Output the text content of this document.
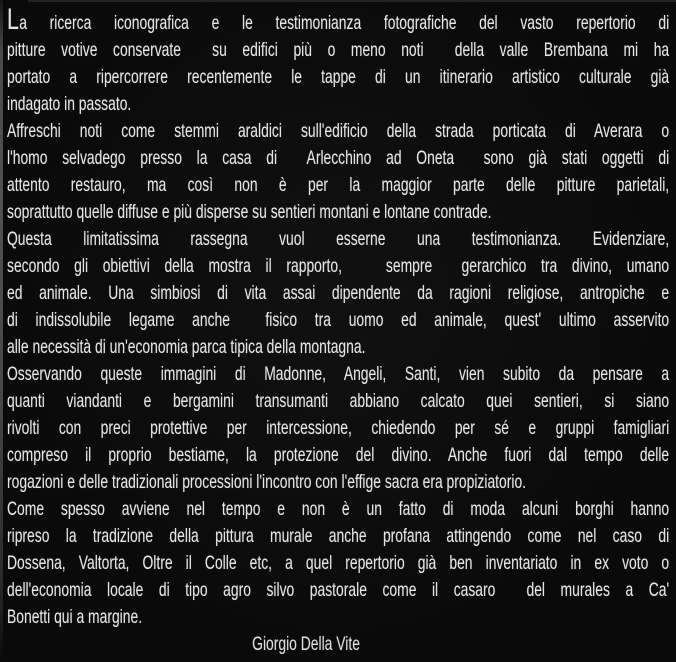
La ricerca iconografica e le testimonianza fotografiche del vasto repertorio di
pitture votive conservate  su edifici più o meno noti  della valle Brembana mi ha
portato a ripercorrere recentemente le tappe di un itinerario artistico culturale già
indagato in passato.
Affreschi noti come stemmi araldici sull'edificio della strada porticata di Averara o
l'homo selvadego presso la casa di  Arlecchino ad Oneta  sono già stati oggetti di
attento restauro, ma così non è per la maggior parte delle pitture parietali,
soprattutto quelle diffuse e più disperse su sentieri montani e lontane contrade.
Questa limitatissima rassegna vuol esserne una testimonianza. Evidenziare,
secondo gli obiettivi della mostra il rapporto,   sempre  gerarchico tra divino, umano
ed animale. Una simbiosi di vita assai dipendente da ragioni religiose, antropiche e
di indissolubile legame anche  fisico tra uomo ed animale, quest' ultimo asservito
alle necessità di un'economia parca tipica della montagna.
Osservando queste immagini di Madonne, Angeli, Santi, vien subito da pensare a
quanti viandanti e bergamini transumanti abbiano calcato quei sentieri, si siano
rivolti con preci protettive per intercessione, chiedendo per sé e gruppi famigliari
compreso il proprio bestiame, la protezione del divino. Anche fuori dal tempo delle
rogazioni e delle tradizionali processioni l'incontro con l'effige sacra era propiziatorio.
Come spesso avviene nel tempo e non è un fatto di moda alcuni borghi hanno
ripreso la tradizione della pittura murale anche profana attingendo come nel caso di
Dossena, Valtorta, Oltre il Colle etc, a quel repertorio già ben inventariato in ex voto o
dell'economia locale di tipo agro silvo pastorale come il casaro  del murales a Ca'
Bonetti qui a margine.
Giorgio Della Vite
